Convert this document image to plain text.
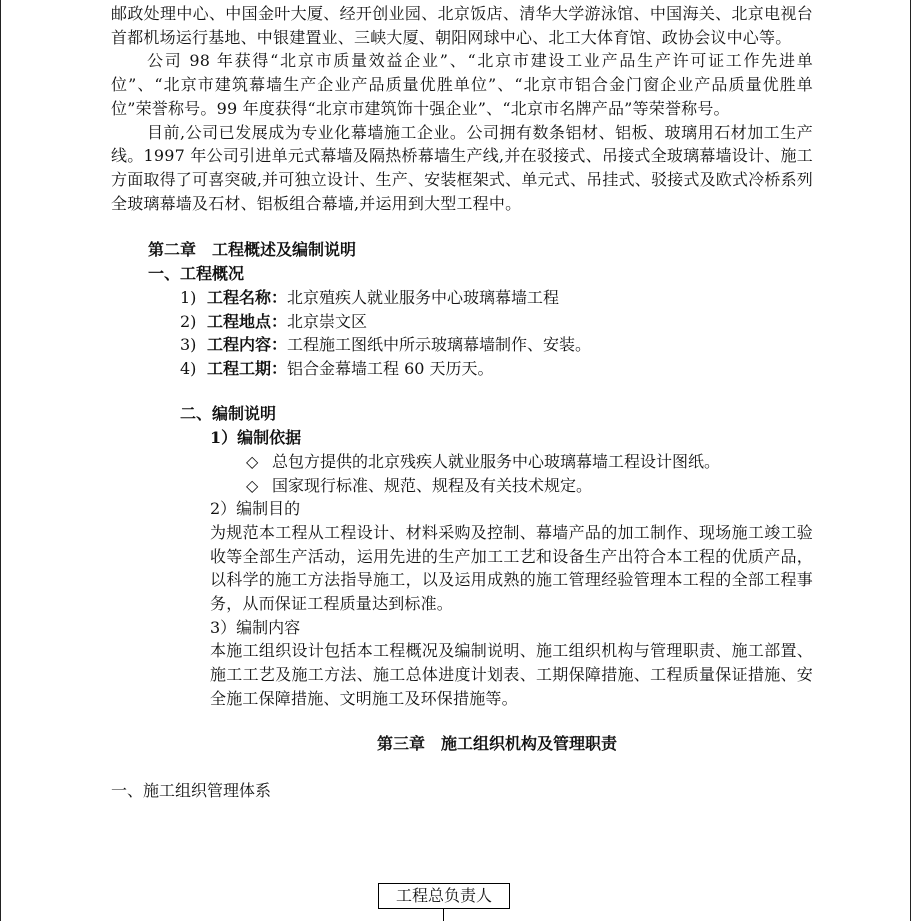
邮政处理中心、中国金叶大厦、经开创业园、北京饭店、清华大学游泳馆、中国海关、北京电视台首都机场运行基地、中银建置业、三峡大厦、朝阳网球中心、北工大体育馆、政协会议中心等。

公司 98 年获得“北京市质量效益企业”、“北京市建设工业产品生产许可证工作先进单位”、“北京市建筑幕墙生产企业产品质量优胜单位”、“北京市铝合金门窗企业产品质量优胜单位”荣誉称号。99 年度获得“北京市建筑饰十强企业”、“北京市名牌产品”等荣誉称号。

目前,公司已发展成为专业化幕墙施工企业。公司拥有数条铝材、铝板、玻璃用石材加工生产线。1997 年公司引进单元式幕墙及隔热桥幕墙生产线,并在驳接式、吊接式全玻璃幕墙设计、施工方面取得了可喜突破,并可独立设计、生产、安装框架式、单元式、吊挂式、驳接式及欧式冷桥系列全玻璃幕墙及石材、铝板组合幕墙,并运用到大型工程中。

第二章　工程概述及编制说明

一、工程概况

1) 工程名称：北京殖疾人就业服务中心玻璃幕墙工程

2) 工程地点：北京崇文区

3) 工程内容：工程施工图纸中所示玻璃幕墙制作、安装。

4) 工程工期：铝合金幕墙工程 60 天历天。

二、编制说明

1）编制依据

◇ 总包方提供的北京残疾人就业服务中心玻璃幕墙工程设计图纸。

◇ 国家现行标准、规范、规程及有关技术规定。

2）编制目的

为规范本工程从工程设计、材料采购及控制、幕墙产品的加工制作、现场施工竣工验收等全部生产活动，运用先进的生产加工工艺和设备生产出符合本工程的优质产品，以科学的施工方法指导施工，以及运用成熟的施工管理经验管理本工程的全部工程事务，从而保证工程质量达到标准。

3）编制内容

本施工组织设计包括本工程概况及编制说明、施工组织机构与管理职责、施工部置、施工工艺及施工方法、施工总体进度计划表、工期保障措施、工程质量保证措施、安全施工保障措施、文明施工及环保措施等。

第三章　施工组织机构及管理职责

一、施工组织管理体系

工程总负责人
